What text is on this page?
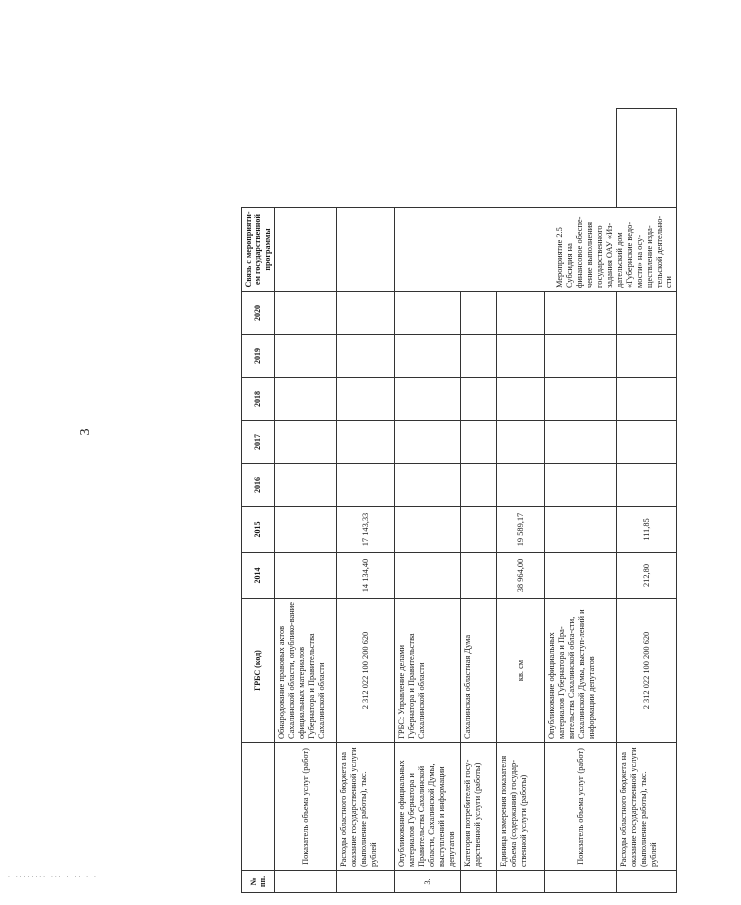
3
№ пп.		ГРБС (код)	2014	2015	2016	2017	2018	2019	2020	Связь с мероприяти-ем государственной программы	
	Показатель объема услуг (работ)	Обнародование правовых актов Сахалинской области, опублико-вание официальных материалов Губернатора и Правительства Сахалинской области									
	Расходы областного бюджета на оказание государственной услуги (выполнение работы), тыс. рублей	2 312 022 100 200 620	14 134,40	17 143,33							
3.	Опубликование официальных материалов Губернатора и Правительства Сахалинской области, Сахалинской Думы, выступлений и информации депутатов	ГРБС: Управление делами Губернатора и Правительства Сахалинской области								Мероприятие 2.5 Субсидия на финансовое обеспе-чение выполнения государственного задания ОАУ «Из-дательский дом «Губернские ведо-мости» на осу-ществление изда-тельской деятельно-сти	
	Категория потребителей госу-дарственной услуги (работы)	Сахалинская областная Дума									
	Единица измерения показателя объема (содержания) государ-ственной услуги (работы)	кв. см	38 964,00	19 589,17							
	Показатель объема услуг (работ)	Опубликование официальных материалов Губернатора и Пра-вительства Сахалинской обла-сти, Сахалинской Думы, выступ-лений и информации депутатов									
	Расходы областного бюджета на оказание государственной услуги (выполнение работы), тыс. рублей	2 312 022 100 200 620	212,80	111,85							
. ........ ... . .. . .
